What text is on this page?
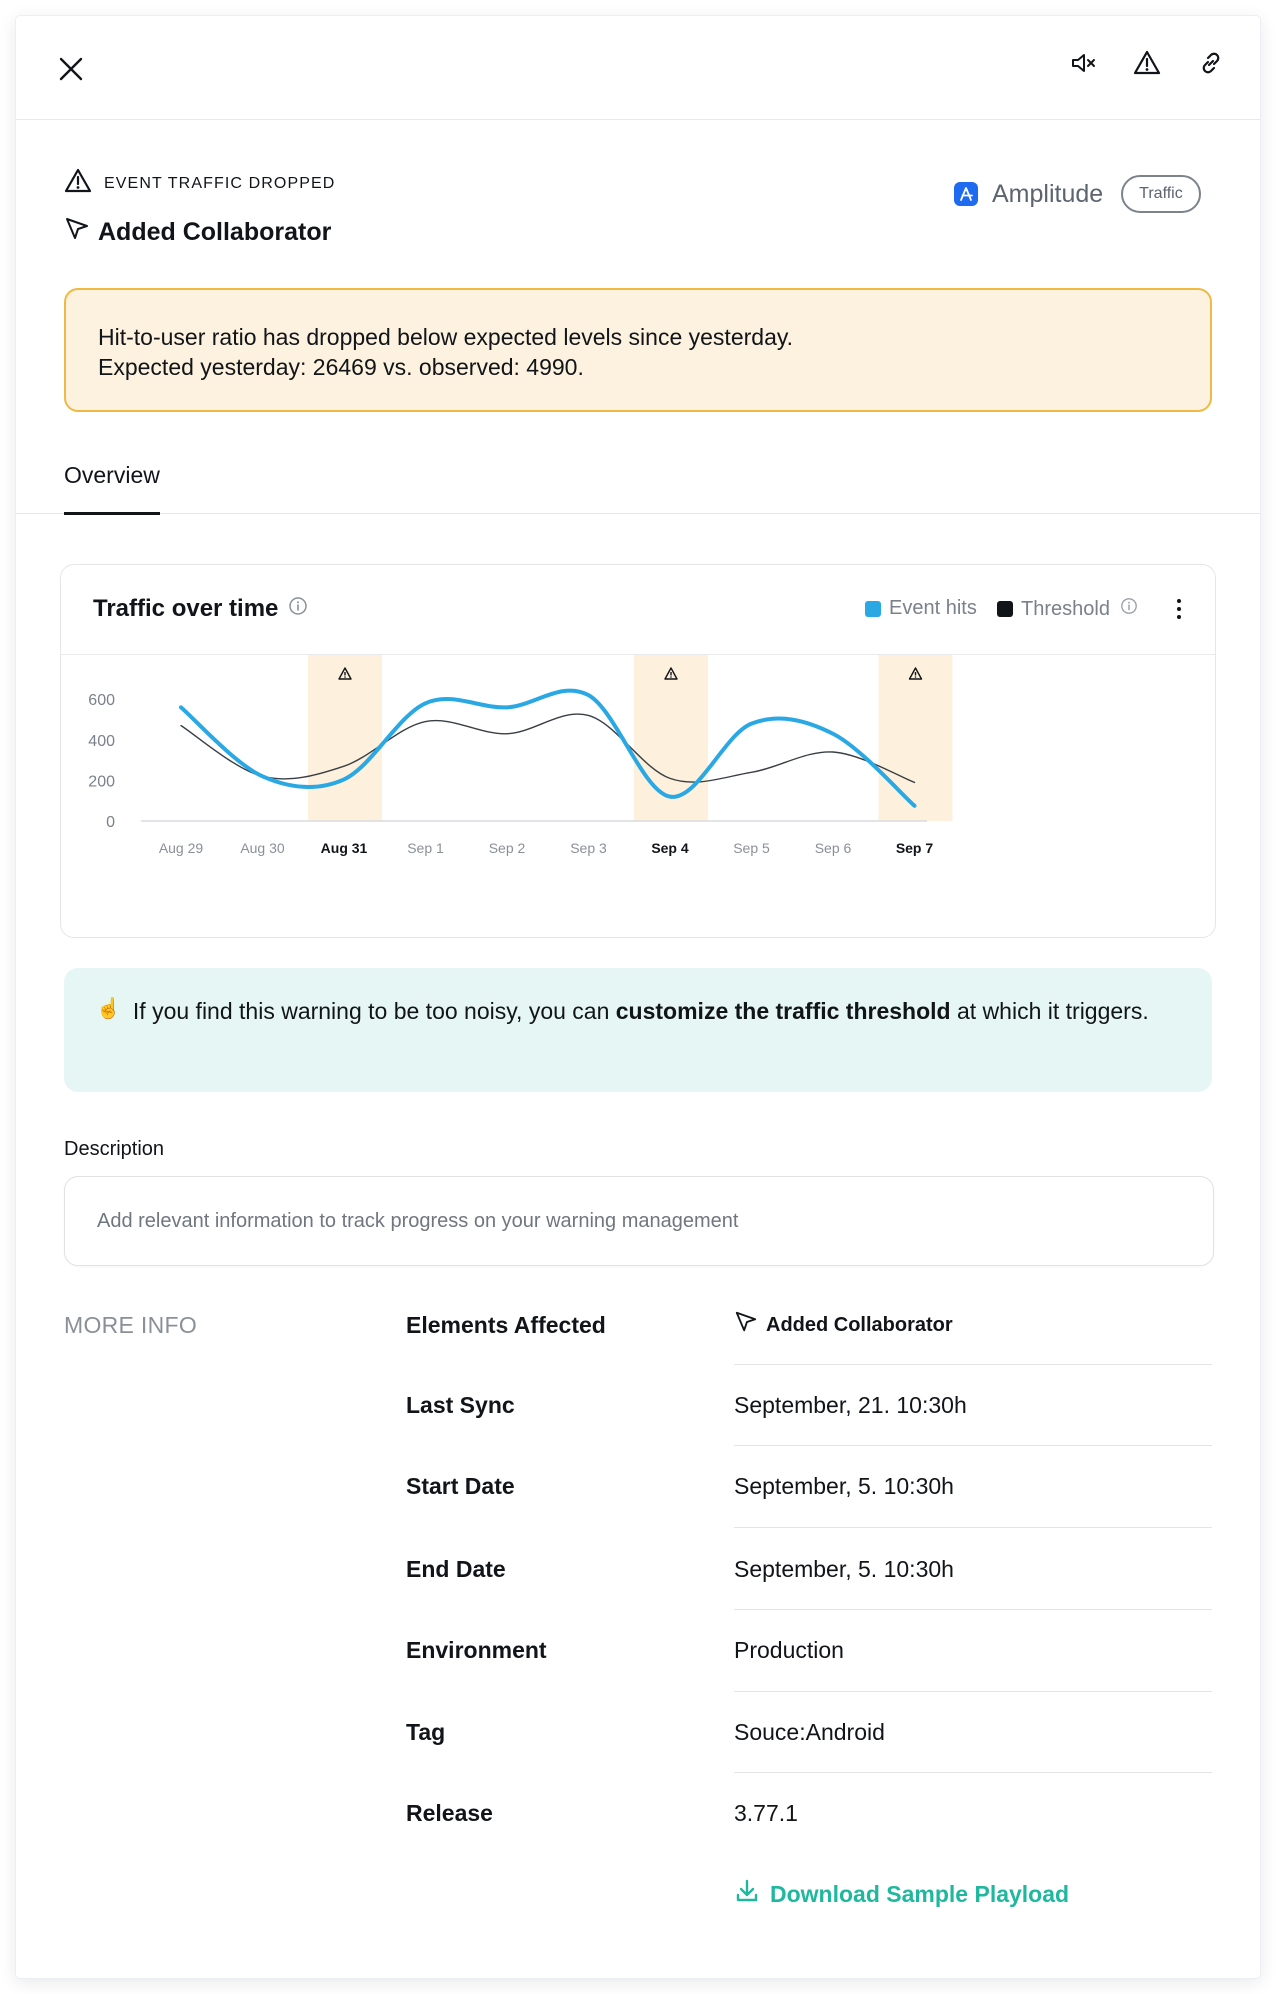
EVENT TRAFFIC DROPPED
Added Collaborator
Amplitude	Traffic
Hit-to-user ratio has dropped below expected levels since yesterday.
Expected yesterday: 26469 vs. observed: 4990.
Overview
Traffic over time	Event hits Threshold
0
200
400
600
Aug 29	Aug 30	Aug 31	Sep 1	Sep 2	Sep 3	Sep 4	Sep 5	Sep 6	Sep 7
☝️ If you find this warning to be too noisy, you can customize the traffic threshold at which it triggers.
Description
Add relevant information to track progress on your warning management
MORE INFO	Elements Affected	Added Collaborator
Last Sync	September, 21. 10:30h
Start Date	September, 5. 10:30h
End Date	September, 5. 10:30h
Environment	Production
Tag	Souce:Android
Release	3.77.1
Download Sample Playload
